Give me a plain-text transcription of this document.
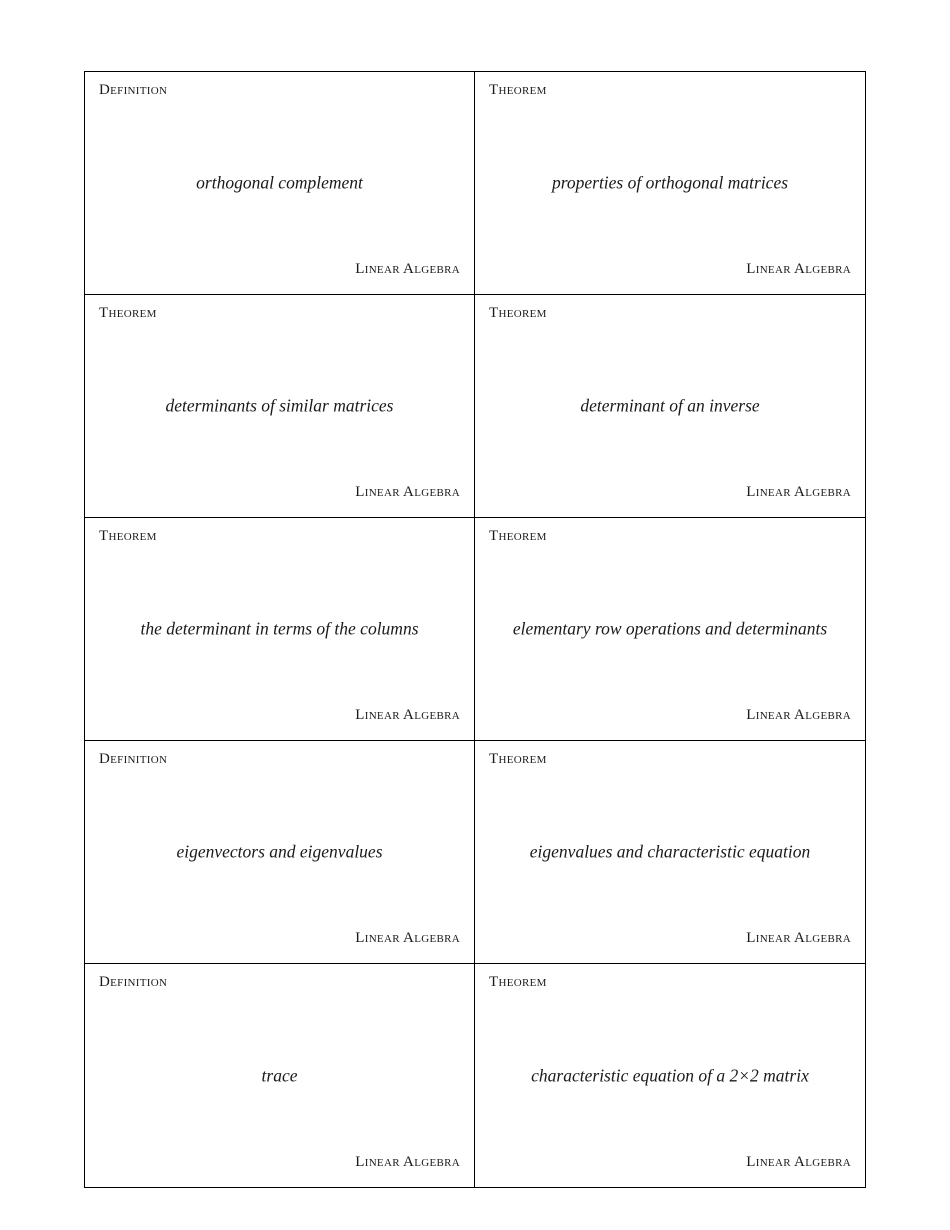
Definition
orthogonal complement
Linear Algebra
Theorem
properties of orthogonal matrices
Linear Algebra
Theorem
determinants of similar matrices
Linear Algebra
Theorem
determinant of an inverse
Linear Algebra
Theorem
the determinant in terms of the columns
Linear Algebra
Theorem
elementary row operations and determinants
Linear Algebra
Definition
eigenvectors and eigenvalues
Linear Algebra
Theorem
eigenvalues and characteristic equation
Linear Algebra
Definition
trace
Linear Algebra
Theorem
characteristic equation of a 2×2 matrix
Linear Algebra
